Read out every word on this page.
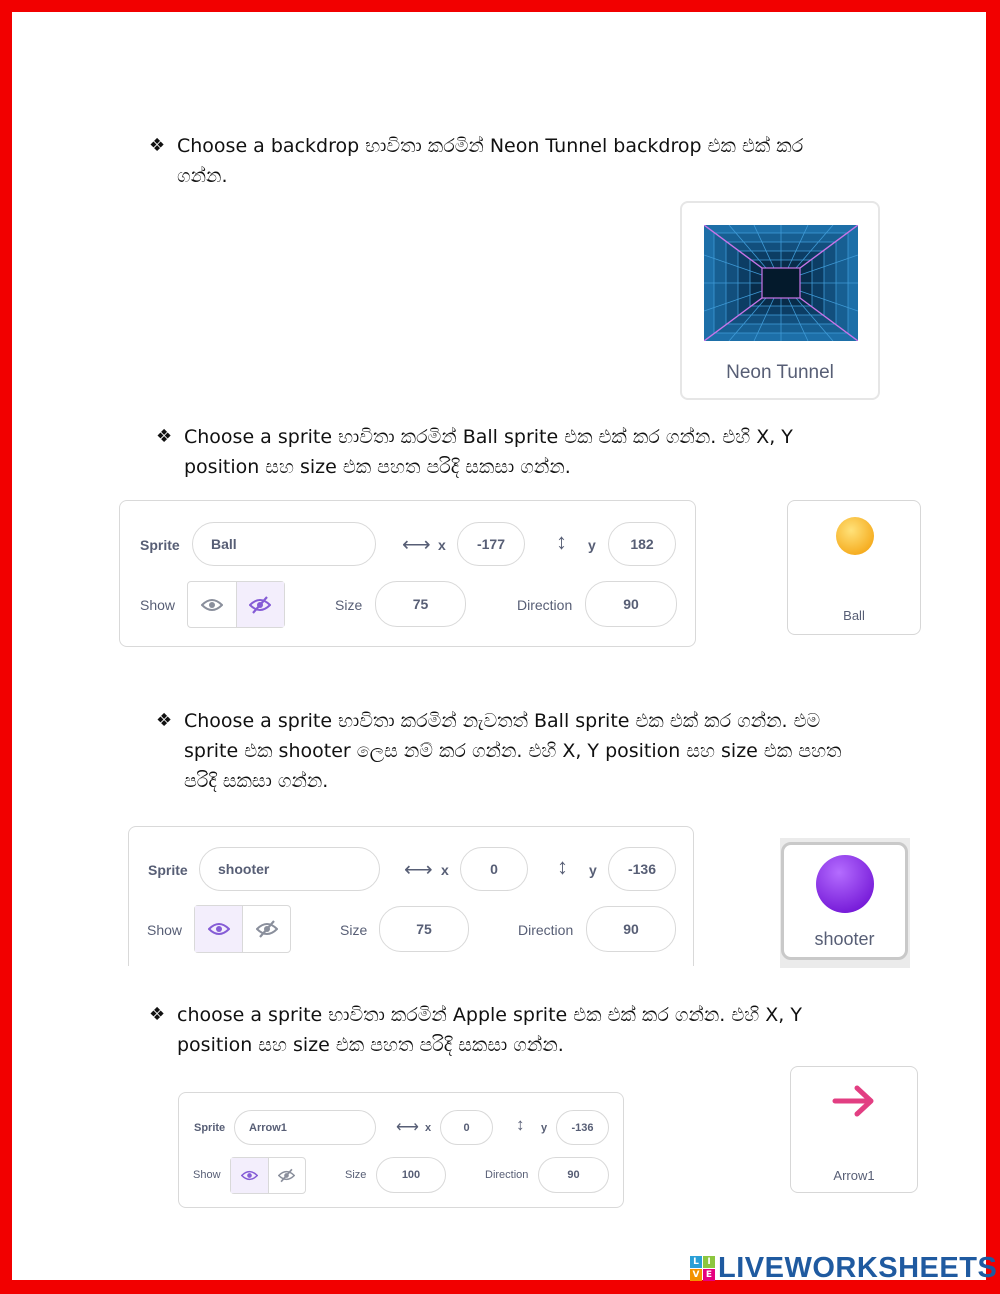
❖ Choose a backdrop භාවිතා කරමින් Neon Tunnel backdrop එක එක් කර
ගන්න.
Neon Tunnel
❖ Choose a sprite භාවිතා කරමින් Ball sprite එක එක් කර ගන්න. එහි X, Y
position සහ size එක පහත පරිදි සකසා ගන්න.
Sprite	Ball	⟷ x	-177	↕ y	182
Show	Size	75	Direction	90
Ball
❖ Choose a sprite භාවිතා කරමින් නැවතත් Ball sprite එක එක් කර ගන්න. එම
sprite එක shooter ලෙස නම් කර ගන්න. එහි X, Y position සහ size එක පහත
පරිදි සකසා ගන්න.
Sprite	shooter	⟷ x	0	↕ y	-136
Show	Size	75	Direction	90	shooter
❖ choose a sprite භාවිතා කරමින් Apple sprite එක එක් කර ගන්න. එහි X, Y
position සහ size එක පහත පරිදි සකසා ගන්න.
Sprite	Arrow1	⟷ x	0	↕ y	-136
Show	Size	100	Direction	90	Arrow1
L I
V E LIVEWORKSHEETS
